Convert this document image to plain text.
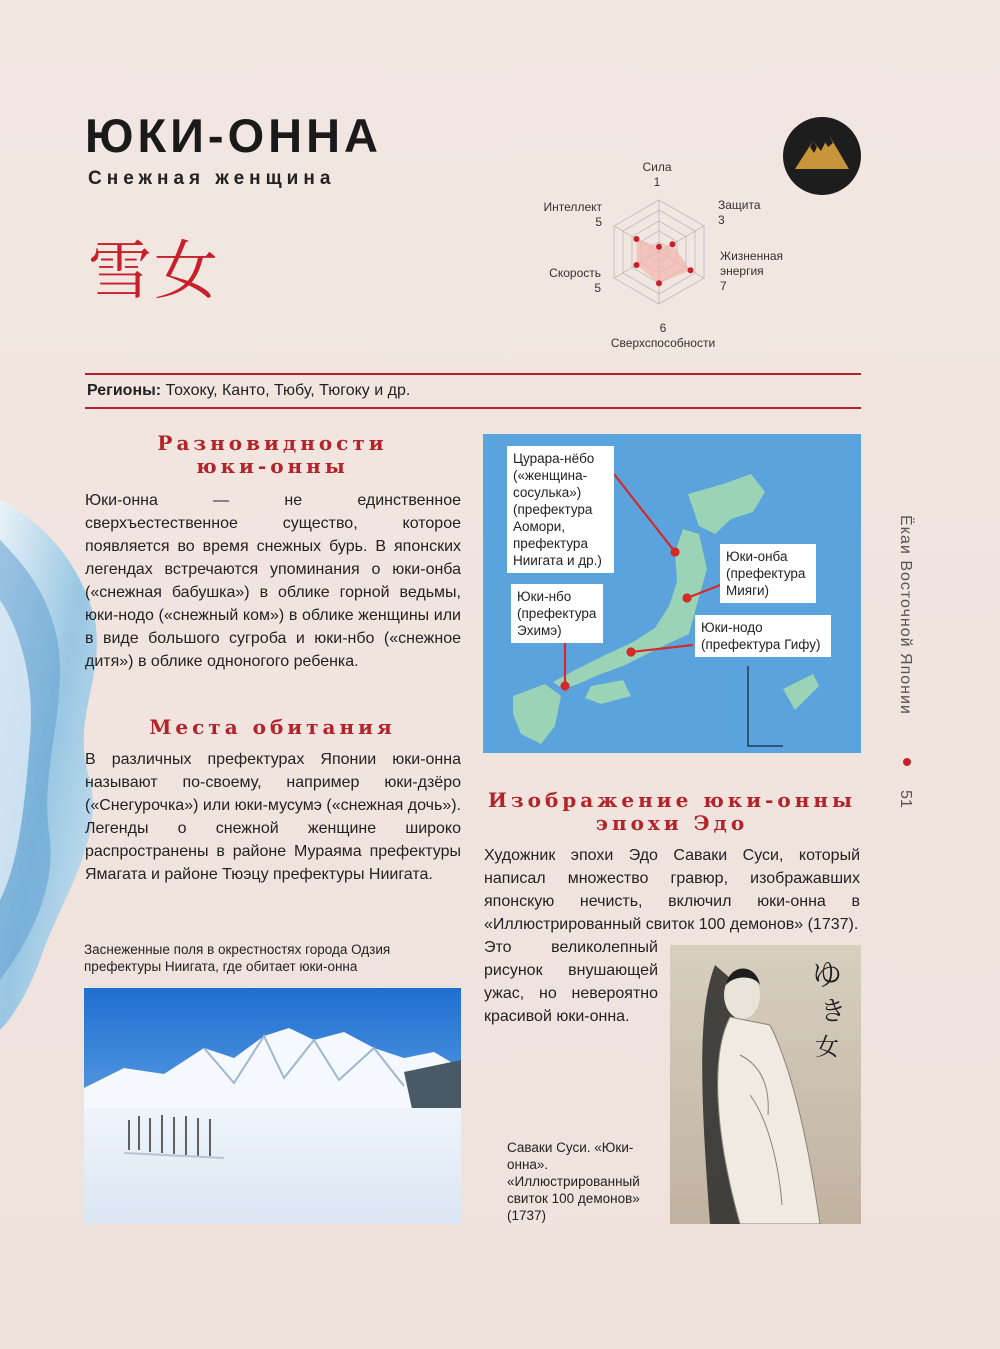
ЮКИ-ОННА
Снежная женщина
雪女
Сила
1
Защита
3
Жизненная
энергия
7
6
Сверхспособности
Скорость
5
Интеллект
5
Регионы: Тохоку, Канто, Тюбу, Тюгоку и др.
Разновидности
юки-онны
Юки-онна — не единственное сверхъестественное существо, которое появляется во время снежных бурь. В японских легендах встречаются упоминания о юки-онба («снежная бабушка») в облике горной ведьмы, юки-нодо («снежный ком») в облике женщины или в виде большого сугроба и юки-нбо («снежное дитя») в облике одноногого ребенка.
Места обитания
В различных префектурах Японии юки-онна называют по-своему, например юки-дзёро («Снегурочка») или юки-мусумэ («снежная дочь»). Легенды о снежной женщине широко распространены в районе Мураяма префектуры Ямагата и районе Тюэцу префектуры Ниигата.
Заснеженные поля в окрестностях города Одзия префектуры Ниигата, где обитает юки-онна
Цурара-нёбо («женщина-сосулька») (префектура Аомори, префектура Ниигата и др.)	Юки-онба (префектура Мияги)
Юки-нбо (префектура Эхимэ)	Юки-нодо (префектура Гифу)
Изображение юки-онны
эпохи Эдо
Художник эпохи Эдо Саваки Суси, который написал множество гравюр, изображавших японскую нечисть, включил юки-онна в «Иллюстрированный свиток 100 демонов» (1737).
Это великолепный рисунок внушающей ужас, но невероятно красивой юки-онна.
ゆ
き
女
Саваки Суси. «Юки-онна». «Иллюстрированный свиток 100 демонов» (1737)
Ёкаи Восточной Японии
51
